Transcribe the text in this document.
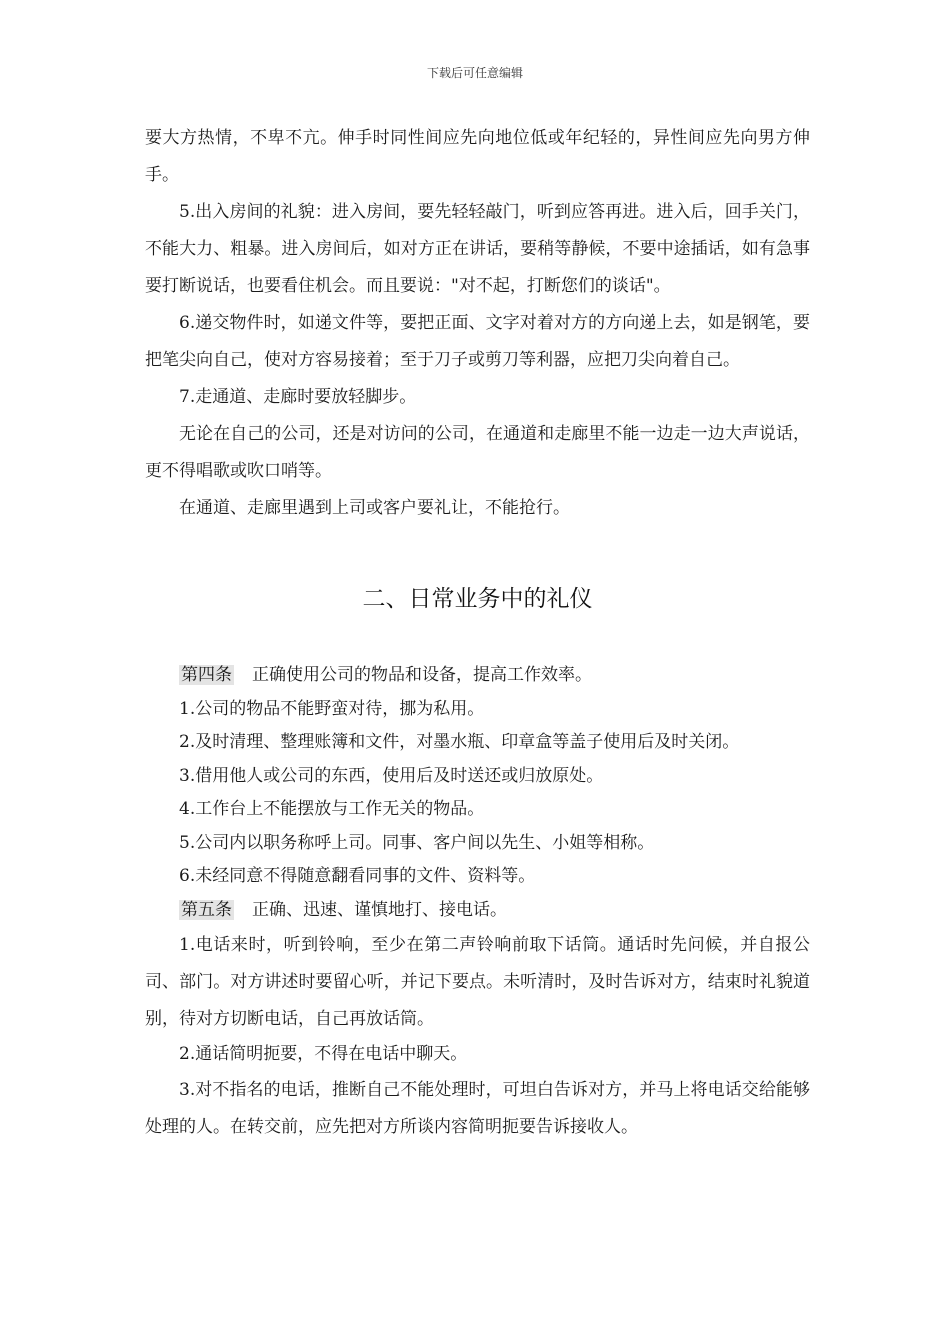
下载后可任意编辑

要大方热情，不卑不亢。伸手时同性间应先向地位低或年纪轻的，异性间应先向男方伸手。

5.出入房间的礼貌：进入房间，要先轻轻敲门，听到应答再进。进入后，回手关门，不能大力、粗暴。进入房间后，如对方正在讲话，要稍等静候，不要中途插话，如有急事要打断说话，也要看住机会。而且要说："对不起，打断您们的谈话"。

6.递交物件时，如递文件等，要把正面、文字对着对方的方向递上去，如是钢笔，要把笔尖向自己，使对方容易接着；至于刀子或剪刀等利器，应把刀尖向着自己。

7.走通道、走廊时要放轻脚步。

无论在自己的公司，还是对访问的公司，在通道和走廊里不能一边走一边大声说话，更不得唱歌或吹口哨等。

在通道、走廊里遇到上司或客户要礼让，不能抢行。

二、日常业务中的礼仪

第四条 正确使用公司的物品和设备，提高工作效率。

1.公司的物品不能野蛮对待，挪为私用。

2.及时清理、整理账簿和文件，对墨水瓶、印章盒等盖子使用后及时关闭。

3.借用他人或公司的东西，使用后及时送还或归放原处。

4.工作台上不能摆放与工作无关的物品。

5.公司内以职务称呼上司。同事、客户间以先生、小姐等相称。

6.未经同意不得随意翻看同事的文件、资料等。

第五条 正确、迅速、谨慎地打、接电话。

1.电话来时，听到铃响，至少在第二声铃响前取下话筒。通话时先问候，并自报公司、部门。对方讲述时要留心听，并记下要点。未听清时，及时告诉对方，结束时礼貌道别，待对方切断电话，自己再放话筒。

2.通话简明扼要，不得在电话中聊天。

3.对不指名的电话，推断自己不能处理时，可坦白告诉对方，并马上将电话交给能够处理的人。在转交前，应先把对方所谈内容简明扼要告诉接收人。
